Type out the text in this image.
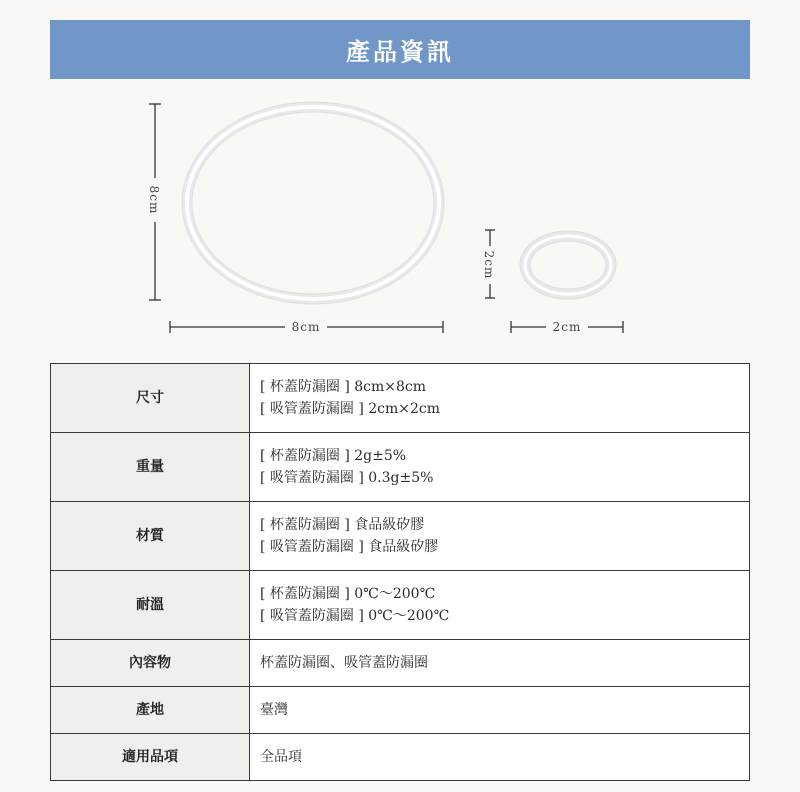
產品資訊
8cm
8cm
2cm
2cm
尺寸	[ 杯蓋防漏圈 ] 8cm×8cm
[ 吸管蓋防漏圈 ] 2cm×2cm

重量	[ 杯蓋防漏圈 ] 2g±5%
[ 吸管蓋防漏圈 ] 0.3g±5%

材質	[ 杯蓋防漏圈 ] 食品級矽膠
[ 吸管蓋防漏圈 ] 食品級矽膠

耐溫	[ 杯蓋防漏圈 ] 0℃～200℃
[ 吸管蓋防漏圈 ] 0℃～200℃

內容物	杯蓋防漏圈、吸管蓋防漏圈

產地	臺灣

適用品項	全品項
